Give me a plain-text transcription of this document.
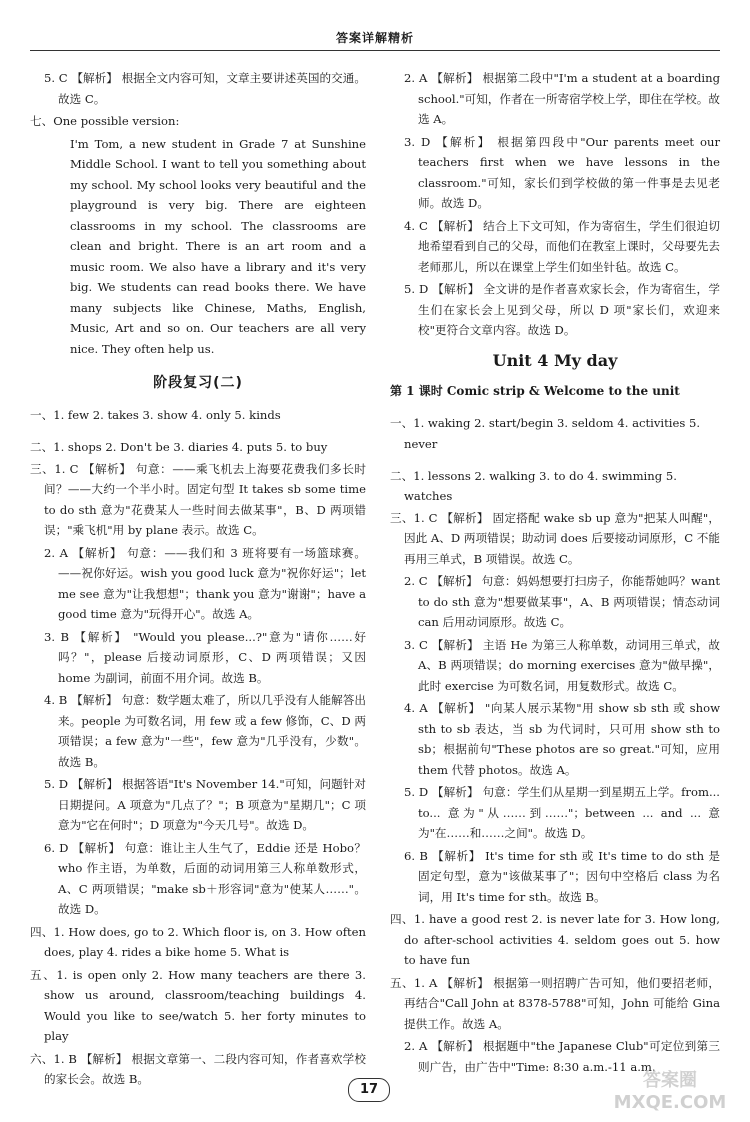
答案详解精析

5. C 【解析】 根据全文内容可知，文章主要讲述英国的交通。故选 C。

七、One possible version:

I'm Tom, a new student in Grade 7 at Sunshine Middle School. I want to tell you something about my school. My school looks very beautiful and the playground is very big. There are eighteen classrooms in my school. The classrooms are clean and bright. There is an art room and a music room. We also have a library and it's very big. We students can read books there. We have many subjects like Chinese, Maths, English, Music, Art and so on. Our teachers are all very nice. They often help us.

阶段复习(二)

一、1. few 2. takes 3. show 4. only 5. kinds

二、1. shops 2. Don't be 3. diaries 4. puts 5. to buy

三、1. C 【解析】 句意：——乘飞机去上海要花费我们多长时间？——大约一个半小时。固定句型 It takes sb some time to do sth 意为"花费某人一些时间去做某事"，B、D 两项错误；"乘飞机"用 by plane 表示。故选 C。

2. A 【解析】 句意：——我们和 3 班将要有一场篮球赛。——祝你好运。wish you good luck 意为"祝你好运"；let me see 意为"让我想想"；thank you 意为"谢谢"；have a good time 意为"玩得开心"。故选 A。

3. B 【解析】 "Would you please...?"意为"请你……好吗？"，please 后接动词原形，C、D 两项错误；又因 home 为副词，前面不用介词。故选 B。

4. B 【解析】 句意：数学题太难了，所以几乎没有人能解答出来。people 为可数名词，用 few 或 a few 修饰，C、D 两项错误；a few 意为"一些"，few 意为"几乎没有，少数"。故选 B。

5. D 【解析】 根据答语"It's November 14."可知，问题针对日期提问。A 项意为"几点了？"；B 项意为"星期几"；C 项意为"它在何时"；D 项意为"今天几号"。故选 D。

6. D 【解析】 句意：谁让主人生气了，Eddie 还是 Hobo？who 作主语，为单数，后面的动词用第三人称单数形式，A、C 两项错误；"make sb＋形容词"意为"使某人……"。故选 D。

四、1. How does, go to 2. Which floor is, on 3. How often does, play 4. rides a bike home 5. What is

五、1. is open only 2. How many teachers are there 3. show us around, classroom/teaching buildings 4. Would you like to see/watch 5. her forty minutes to play

六、1. B 【解析】 根据文章第一、二段内容可知，作者喜欢学校的家长会。故选 B。

2. A 【解析】 根据第二段中"I'm a student at a boarding school."可知，作者在一所寄宿学校上学，即住在学校。故选 A。

3. D 【解析】 根据第四段中"Our parents meet our teachers first when we have lessons in the classroom."可知，家长们到学校做的第一件事是去见老师。故选 D。

4. C 【解析】 结合上下文可知，作为寄宿生，学生们很迫切地希望看到自己的父母，而他们在教室上课时，父母要先去老师那儿，所以在课堂上学生们如坐针毡。故选 C。

5. D 【解析】 全文讲的是作者喜欢家长会，作为寄宿生，学生们在家长会上见到父母，所以 D 项"家长们，欢迎来校"更符合文章内容。故选 D。

Unit 4 My day
第 1 课时 Comic strip & Welcome to the unit

一、1. waking 2. start/begin 3. seldom 4. activities 5. never

二、1. lessons 2. walking 3. to do 4. swimming 5. watches

三、1. C 【解析】 固定搭配 wake sb up 意为"把某人叫醒"，因此 A、D 两项错误；助动词 does 后要接动词原形，C 不能再用三单式，B 项错误。故选 C。

2. C 【解析】 句意：妈妈想要打扫房子，你能帮她吗？want to do sth 意为"想要做某事"，A、B 两项错误；情态动词 can 后用动词原形。故选 C。

3. C 【解析】 主语 He 为第三人称单数，动词用三单式，故 A、B 两项错误；do morning exercises 意为"做早操"，此时 exercise 为可数名词，用复数形式。故选 C。

4. A 【解析】 "向某人展示某物"用 show sb sth 或 show sth to sb 表达，当 sb 为代词时，只可用 show sth to sb；根据前句"These photos are so great."可知，应用 them 代替 photos。故选 A。

5. D 【解析】 句意：学生们从星期一到星期五上学。from... to... 意为"从……到……"；between ... and ... 意为"在……和……之间"。故选 D。

6. B 【解析】 It's time for sth 或 It's time to do sth 是固定句型，意为"该做某事了"；因句中空格后 class 为名词，用 It's time for sth。故选 B。

四、1. have a good rest 2. is never late for 3. How long, do after-school activities 4. seldom goes out 5. how to have fun

五、1. A 【解析】 根据第一则招聘广告可知，他们要招老师，再结合"Call John at 8378-5788"可知，John 可能给 Gina 提供工作。故选 A。

2. A 【解析】 根据题中"the Japanese Club"可定位到第三则广告，由广告中"Time: 8:30 a.m.-11 a.m.

17	答案圈 MXQE.COM
